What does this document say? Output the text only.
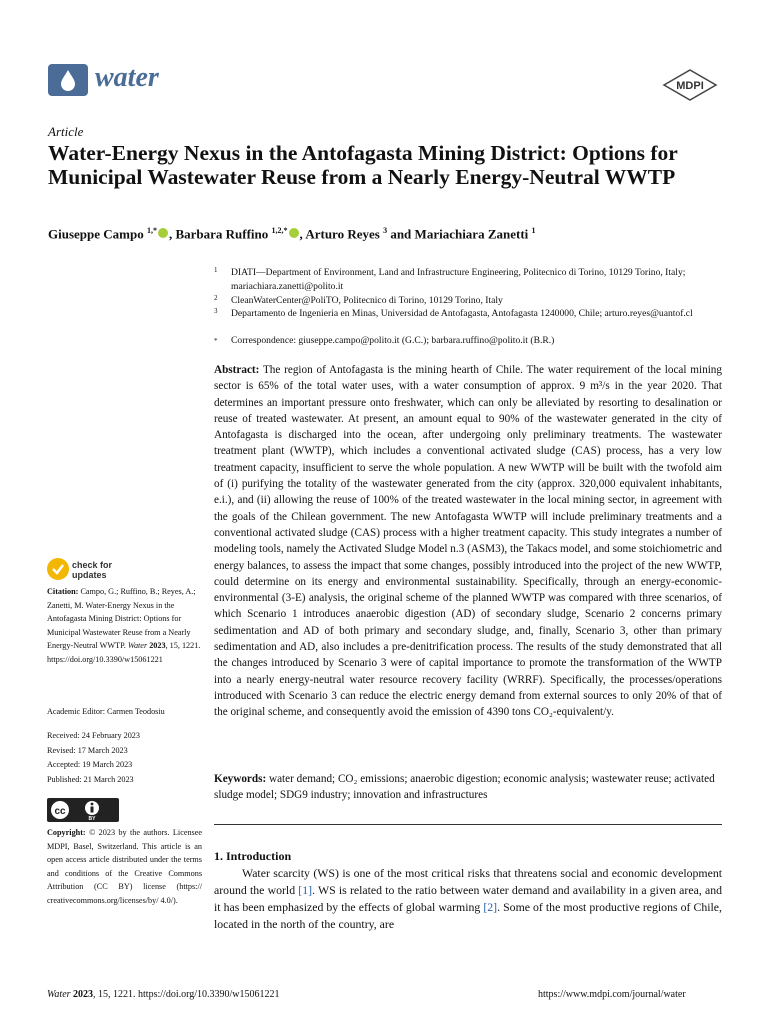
water	MDPI
Article
Water-Energy Nexus in the Antofagasta Mining District: Options for Municipal Wastewater Reuse from a Nearly Energy-Neutral WWTP
Giuseppe Campo $^{1,*}$ , Barbara Ruffino $^{1,2,*}$ , Arturo Reyes $^3$ and Mariachiara Zanetti $^1$
1 DIATI—Department of Environment, Land and Infrastructure Engineering, Politecnico di Torino, 10129 Torino, Italy; mariachiara.zanetti@polito.it
2 CleanWaterCenter@PoliTO, Politecnico di Torino, 10129 Torino, Italy
3 Departamento de Ingenieria en Minas, Universidad de Antofagasta, Antofagasta 1240000, Chile; arturo.reyes@uantof.cl
* Correspondence: giuseppe.campo@polito.it (G.C.); barbara.ruffino@polito.it (B.R.)
Abstract: The region of Antofagasta is the mining hearth of Chile. The water requirement of the local mining sector is 65% of the total water uses, with a water consumption of approx. 9 m³/s in the year 2020. That determines an important pressure onto freshwater, which can only be alleviated by resorting to desalination or reuse of treated wastewater. At present, an amount equal to 90% of the wastewater generated in the city of Antofagasta is discharged into the ocean, after undergoing only preliminary treatments. The wastewater treatment plant (WWTP), which includes a conventional activated sludge (CAS) process, has a very low treatment capacity, insufficient to serve the whole population. A new WWTP will be built with the twofold aim of (i) purifying the totality of the wastewater generated from the city (approx. 320,000 equivalent inhabitants, e.i.), and (ii) allowing the reuse of 100% of the treated wastewater in the local mining sector, in agreement with the goals of the Chilean government. The new Antofagasta WWTP will include preliminary treatments and a conventional activated sludge (CAS) process with a higher treatment capacity. This study integrates a number of modeling tools, namely the Activated Sludge Model n.3 (ASM3), the Takacs model, and some stoichiometric and energy balances, to assess the impact that some changes, possibly introduced into the project of the new WWTP, could determine on its energy and environmental sustainability. Specifically, through an energy-economic-environmental (3-E) analysis, the original scheme of the planned WWTP was compared with three scenarios, of which Scenario 1 introduces anaerobic digestion (AD) of secondary sludge, Scenario 2 concerns primary sedimentation and AD of both primary and secondary sludge, and, finally, Scenario 3, other than primary sedimentation and AD, also includes a pre-denitrification process. The results of the study demonstrated that all the changes introduced by Scenario 3 were of capital importance to promote the transformation of the WWTP into a nearly energy-neutral water resource recovery facility (WRRF). Specifically, the processes/operations introduced with Scenario 3 can reduce the electric energy demand from external sources to only 20% of that of the original scheme, and consequently avoid the emission of 4390 tons CO₂-equivalent/y.
Keywords: water demand; CO₂ emissions; anaerobic digestion; economic analysis; wastewater reuse; activated sludge model; SDG9 industry; innovation and infrastructures
1. Introduction
Water scarcity (WS) is one of the most critical risks that threatens social and economic development around the world [1]. WS is related to the ratio between water demand and availability in a given area, and it has been emphasized by the effects of global warming [2]. Some of the most productive regions of Chile, located in the north of the country, are
check for
updates
Citation: Campo, G.; Ruffino, B.; Reyes, A.; Zanetti, M. Water-Energy Nexus in the Antofagasta Mining District: Options for Municipal Wastewater Reuse from a Nearly Energy-Neutral WWTP. Water 2023, 15, 1221. https://doi.org/10.3390/w15061221
Academic Editor: Carmen Teodosiu
Received: 24 February 2023
Revised: 17 March 2023
Accepted: 19 March 2023
Published: 21 March 2023
cc
BY
Copyright: © 2023 by the authors. Licensee MDPI, Basel, Switzerland. This article is an open access article distributed under the terms and conditions of the Creative Commons Attribution (CC BY) license (https:// creativecommons.org/licenses/by/ 4.0/).
Water 2023, 15, 1221. https://doi.org/10.3390/w15061221	https://www.mdpi.com/journal/water
